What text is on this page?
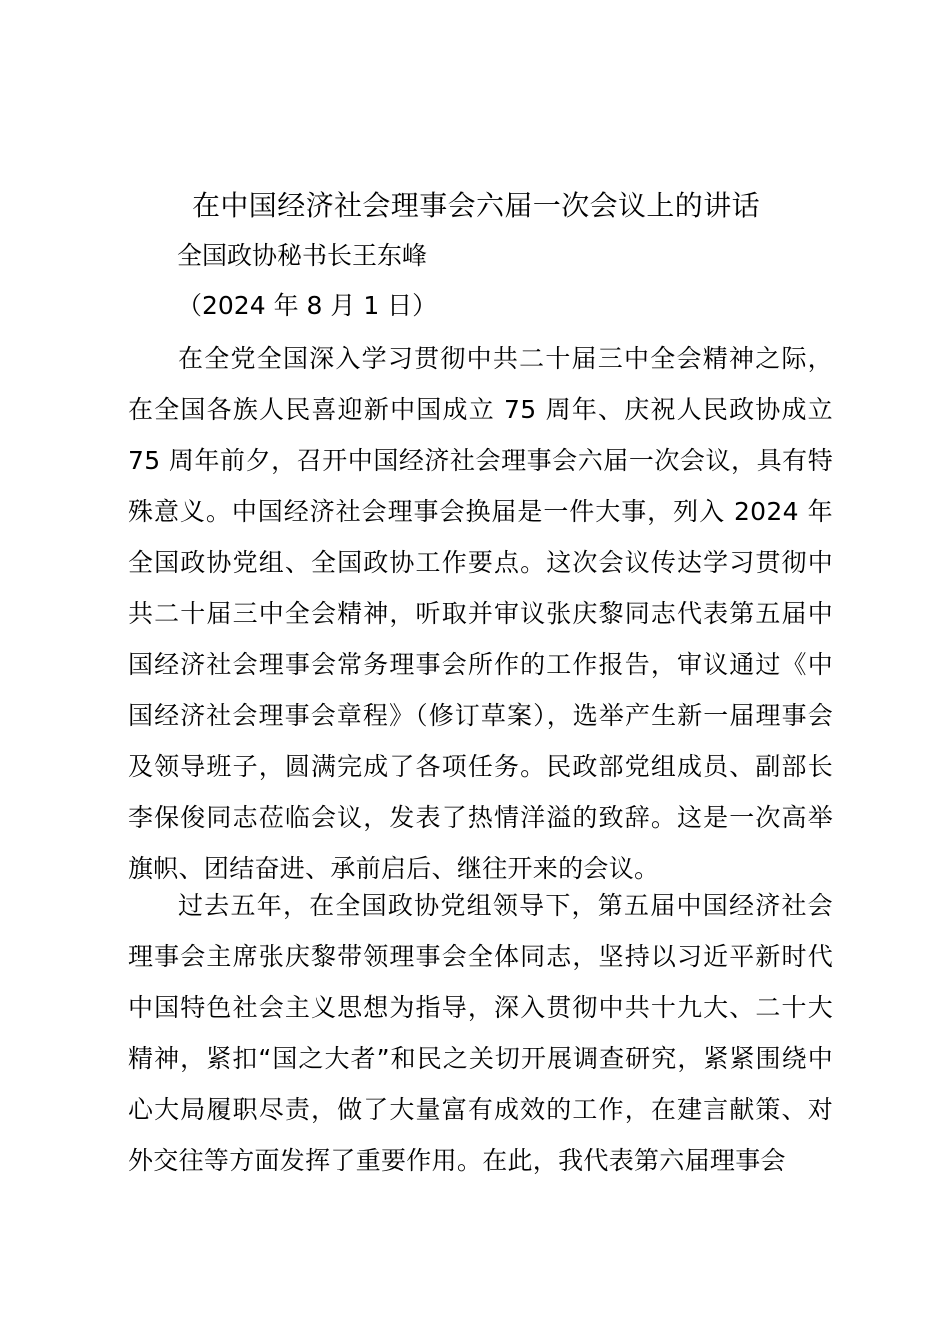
在中国经济社会理事会六届一次会议上的讲话
全国政协秘书长王东峰
（2024 年 8 月 1 日）

在全党全国深入学习贯彻中共二十届三中全会精神之际，在全国各族人民喜迎新中国成立 75 周年、庆祝人民政协成立 75 周年前夕，召开中国经济社会理事会六届一次会议，具有特殊意义。中国经济社会理事会换届是一件大事，列入 2024 年全国政协党组、全国政协工作要点。这次会议传达学习贯彻中共二十届三中全会精神，听取并审议张庆黎同志代表第五届中国经济社会理事会常务理事会所作的工作报告，审议通过《中国经济社会理事会章程》（修订草案），选举产生新一届理事会及领导班子，圆满完成了各项任务。民政部党组成员、副部长李保俊同志莅临会议，发表了热情洋溢的致辞。这是一次高举旗帜、团结奋进、承前启后、继往开来的会议。

过去五年，在全国政协党组领导下，第五届中国经济社会理事会主席张庆黎带领理事会全体同志，坚持以习近平新时代中国特色社会主义思想为指导，深入贯彻中共十九大、二十大精神，紧扣“国之大者”和民之关切开展调查研究，紧紧围绕中心大局履职尽责，做了大量富有成效的工作，在建言献策、对外交往等方面发挥了重要作用。在此，我代表第六届理事会
